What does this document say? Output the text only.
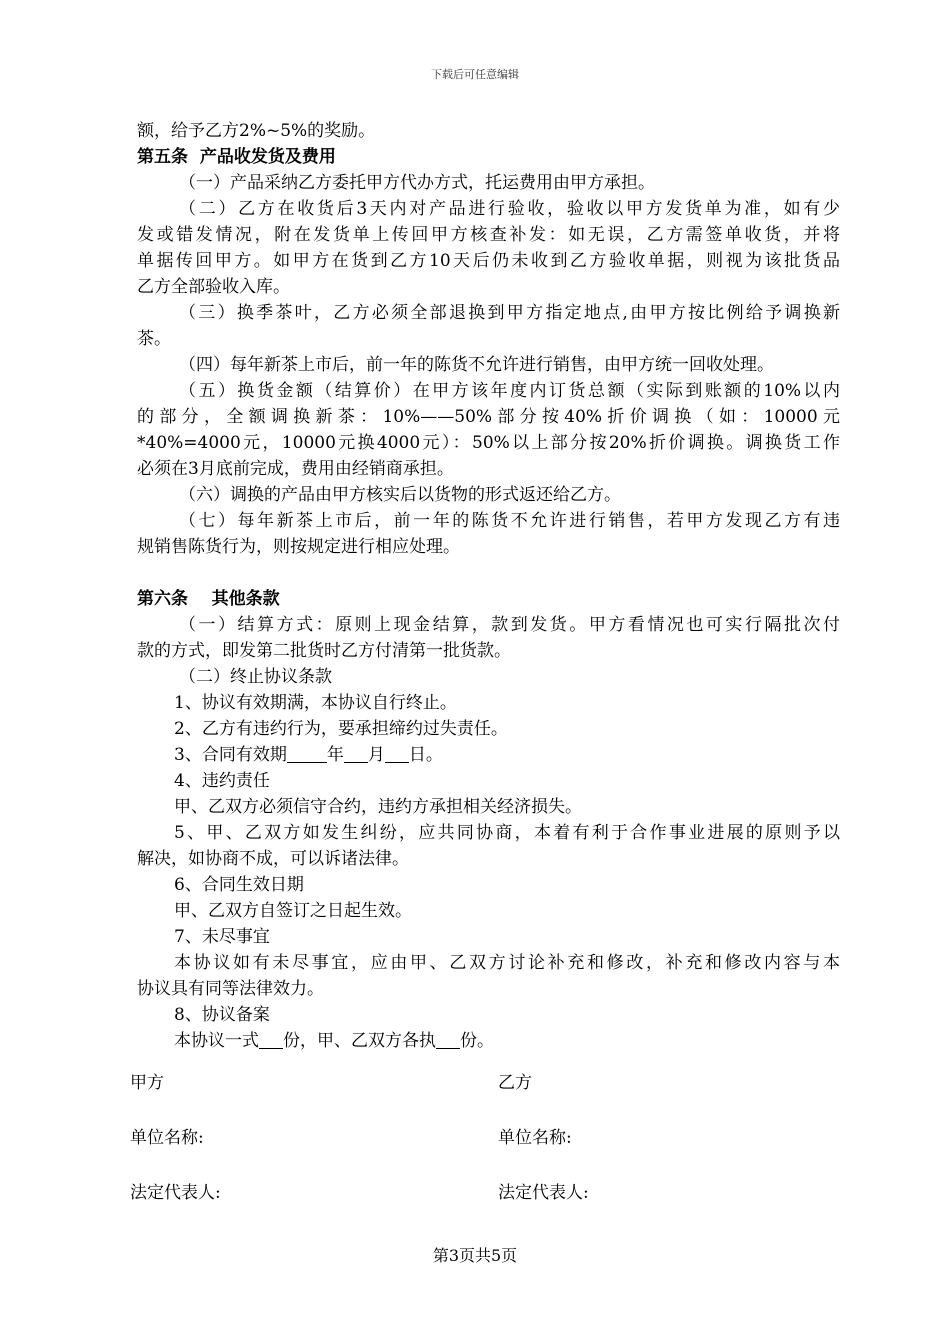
下载后可任意编辑
额，给予乙方2%~5%的奖励。
第五条  产品收发货及费用
（一）产品采纳乙方委托甲方代办方式，托运费用由甲方承担。
（二）乙方在收货后3天内对产品进行验收，验收以甲方发货单为准，如有少
发或错发情况，附在发货单上传回甲方核查补发：如无误，乙方需签单收货，并将
单据传回甲方。如甲方在货到乙方10天后仍未收到乙方验收单据，则视为该批货品
乙方全部验收入库。
（三）换季茶叶，乙方必须全部退换到甲方指定地点,由甲方按比例给予调换新
茶。
（四）每年新茶上市后，前一年的陈货不允许进行销售，由甲方统一回收处理。
（五）换货金额（结算价）在甲方该年度内订货总额（实际到账额的10%以内
的部分，全额调换新茶：10%——50%部分按40%折价调换（如：10000元
*40%=4000元，10000元换4000元）：50%以上部分按20%折价调换。调换货工作
必须在3月底前完成，费用由经销商承担。
（六）调换的产品由甲方核实后以货物的形式返还给乙方。
（七）每年新茶上市后，前一年的陈货不允许进行销售，若甲方发现乙方有违
规销售陈货行为，则按规定进行相应处理。
第六条    其他条款
（一）结算方式：原则上现金结算，款到发货。甲方看情况也可实行隔批次付
款的方式，即发第二批货时乙方付清第一批货款。
（二）终止协议条款
1、协议有效期满，本协议自行终止。
2、乙方有违约行为，要承担缔约过失责任。
3、合同有效期 年 月 日。
4、违约责任
甲、乙双方必须信守合约，违约方承担相关经济损失。
5、甲、乙双方如发生纠纷，应共同协商，本着有利于合作事业进展的原则予以
解决，如协商不成，可以诉诸法律。
6、合同生效日期
甲、乙双方自签订之日起生效。
7、未尽事宜
本协议如有未尽事宜，应由甲、乙双方讨论补充和修改，补充和修改内容与本
协议具有同等法律效力。
8、协议备案
本协议一式 份，甲、乙双方各执 份。
甲方	乙方
单位名称:	单位名称:
法定代表人:	法定代表人:
第3页共5页
